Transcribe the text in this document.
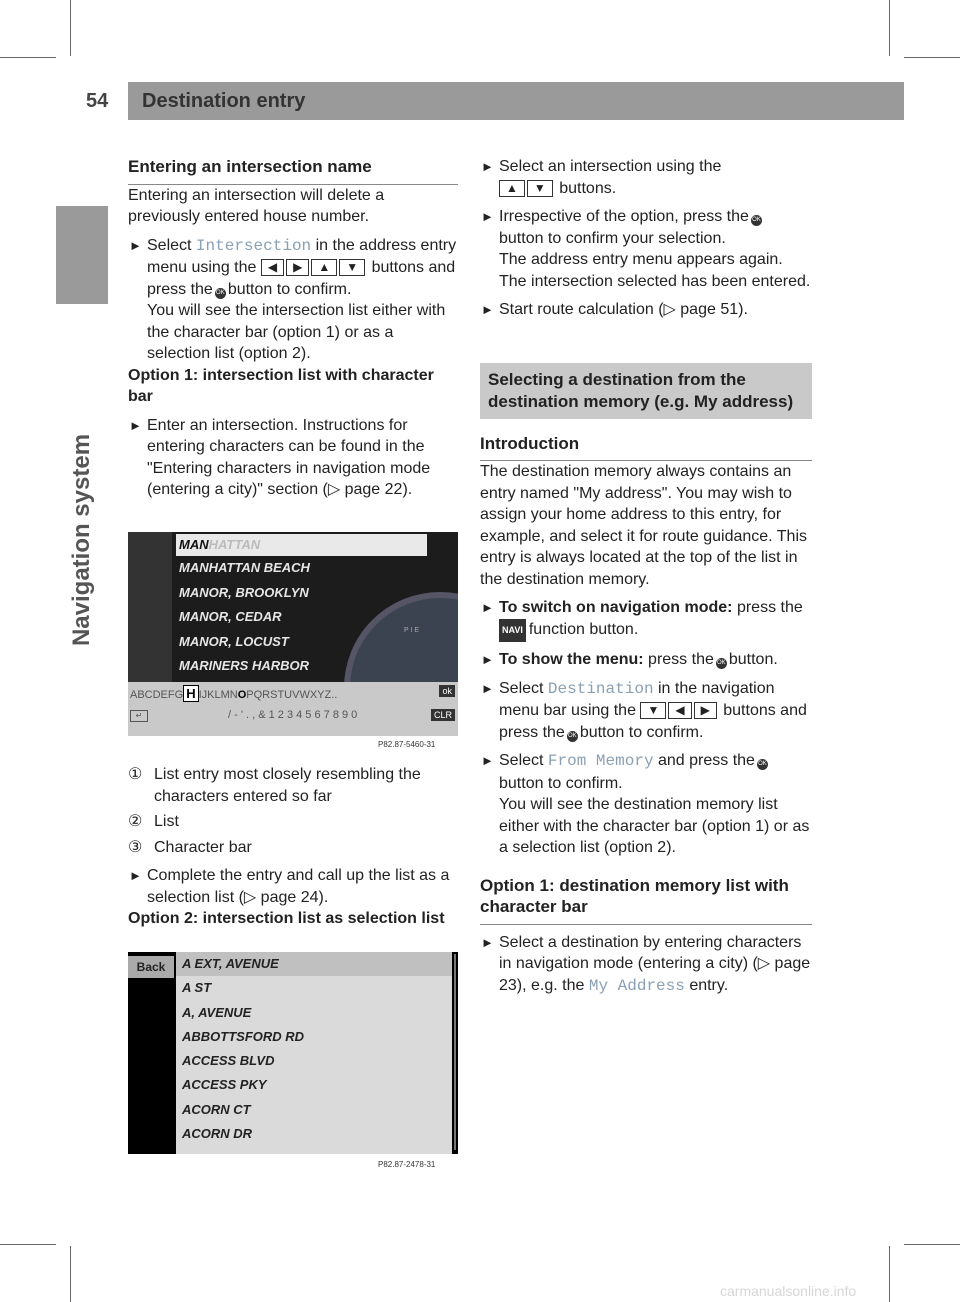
54 Destination entry
Navigation system

Entering an intersection name

Entering an intersection will delete a previously entered house number.

► Select Intersection in the address entry menu using the ◀ ▶ ▲ ▼ buttons and press the OK button to confirm.
You will see the intersection list either with the character bar (option 1) or as a selection list (option 2).

Option 1: intersection list with character bar

► Enter an intersection. Instructions for entering characters can be found in the "Entering characters in navigation mode (entering a city)" section (▷ page 22).
P I E
MANHATTAN
MANHATTAN BEACH
MANOR, BROOKLYN
MANOR, CEDAR
MANOR, LOCUST
MARINERS HARBOR
ABCDEFG H IJKLMNOPQRSTUVWXYZ..	ok
↵	/ - ' . , & 1 2 3 4 5 6 7 8 9 0	CLR
P82.87-5460-31
① List entry most closely resembling the characters entered so far
② List
③ Character bar
► Complete the entry and call up the list as a selection list (▷ page 24).

Option 2: intersection list as selection list

Back	A EXT, AVENUE
A ST
A, AVENUE
ABBOTTSFORD RD
ACCESS BLVD
ACCESS PKY
ACORN CT
ACORN DR
P82.87-2478-31
► Select an intersection using the
▲ ▼ buttons.
► Irrespective of the option, press the OK button to confirm your selection.
The address entry menu appears again. The intersection selected has been entered.
► Start route calculation (▷ page 51).
Selecting a destination from the destination memory (e.g. My address)

Introduction

The destination memory always contains an entry named "My address". You may wish to assign your home address to this entry, for example, and select it for route guidance. This entry is always located at the top of the list in the destination memory.

► To switch on navigation mode: press the NAVI function button.
► To show the menu: press the OK button.
► Select Destination in the navigation menu bar using the ▼ ◀ ▶ buttons and press the OK button to confirm.
► Select From Memory and press the OK button to confirm.
You will see the destination memory list either with the character bar (option 1) or as a selection list (option 2).

Option 1: destination memory list with character bar

► Select a destination by entering characters in navigation mode (entering a city) (▷ page 23), e.g. the My Address entry.
carmanualsonline.info
